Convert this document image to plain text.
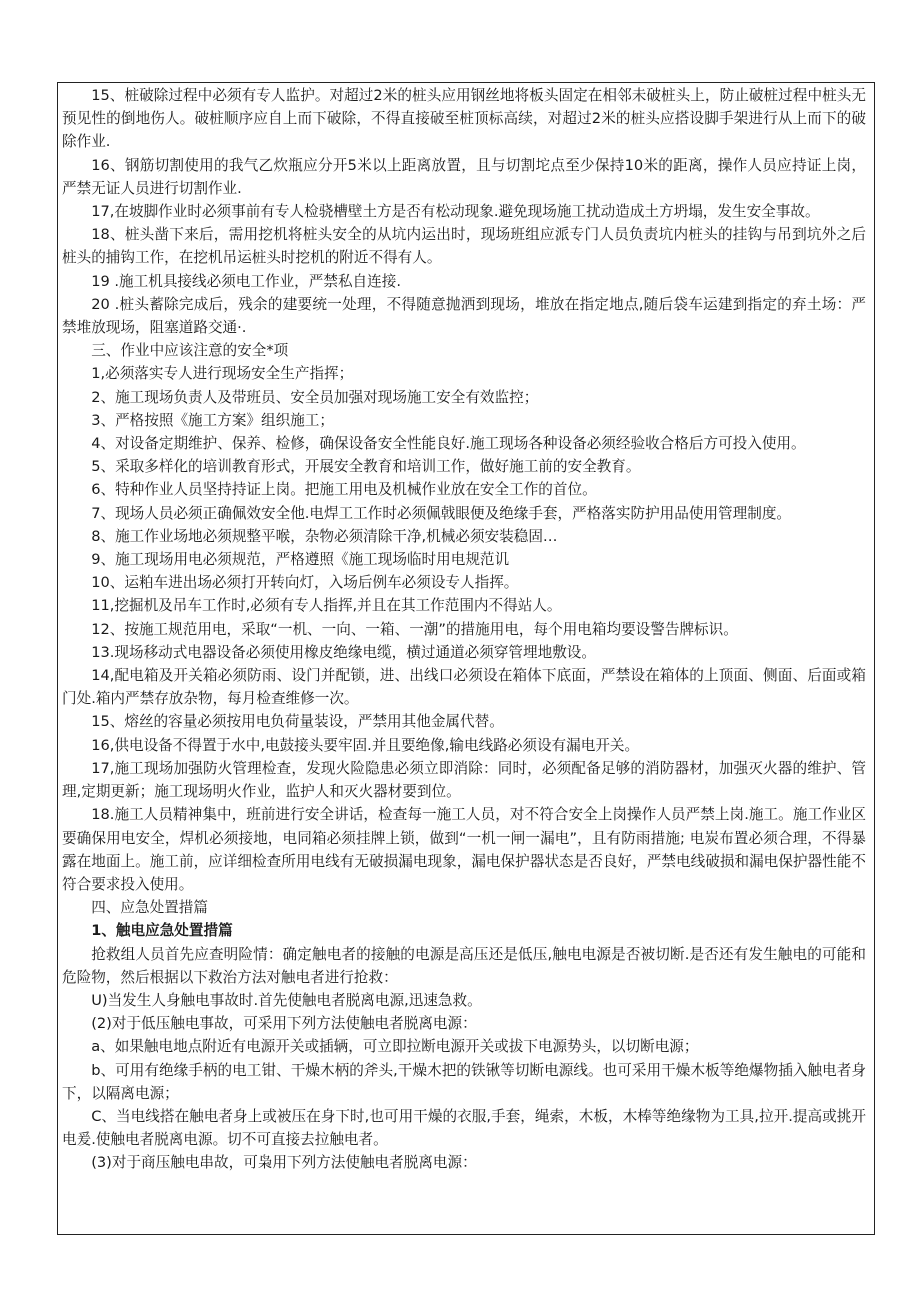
15、桩破除过程中必须有专人监护。对超过2米的桩头应用钢丝地将板头固定在相邻未破桩头上，防止破桩过程中桩头无预见性的倒地伤人。破桩顺序应自上而下破除，不得直接破至桩顶标高续，对超过2米的桩头应搭设脚手架进行从上而下的破除作业.

16、钢筋切割使用的我气乙炊瓶应分开5米以上距离放置，且与切割坨点至少保持10米的距离，操作人员应持证上岗，严禁无证人员进行切割作业.

17,在坡脚作业时必须事前有专人检骁槽壁土方是否有松动现象.避免现场施工扰动造成土方坍塌，发生安全事故。

18、桩头凿下来后，需用挖机将桩头安全的从坑内运出时，现场班组应派专门人员负责坑内桩头的挂钩与吊到坑外之后桩头的捕钩工作，在挖机吊运桩头时挖机的附近不得有人。

19 .施工机具接线必须电工作业，严禁私自连接.

20 .桩头蓄除完成后，残余的建要统一处理，不得随意抛洒到现场，堆放在指定地点,随后袋车运建到指定的弃土场：严禁堆放现场，阻塞道路交通·.

三、作业中应该注意的安全*项

1,必须落实专人进行现场安全生产指挥；

2、施工现场负责人及带班员、安全员加强对现场施工安全有效监控；

3、严格按照《施工方案》组织施工；

4、对设备定期维护、保养、检修，确保设备安全性能良好.施工现场各种设备必须经验收合格后方可投入使用。

5、采取多样化的培训教育形式，开展安全教育和培训工作，做好施工前的安全教育。

6、特种作业人员坚持持证上岗。把施工用电及机械作业放在安全工作的首位。

7、现场人员必须正确佩效安全他.电焊工工作时必须佩戟眼便及绝缘手套，严格落实防护用品使用管理制度。

8、施工作业场地必须规整平喉，杂物必须清除干净,机械必须安装稳固…

9、施工现场用电必须规范，严格遵照《施工现场临时用电规范讥

10、运粕车进出场必须打开转向灯，入场后例车必须设专人指挥。

11,挖掘机及吊车工作时,必须有专人指挥,并且在其工作范围内不得站人。

12、按施工规范用电，采取“一机、一向、一箱、一潮”的措施用电，每个用电箱均要设警告牌标识。

13.现场移动式电器设备必须使用橡皮绝缘电缆，横过通道必须穿管埋地敷设。

14,配电箱及开关箱必须防雨、设门并配锁，进、出线口必须设在箱体下底面，严禁设在箱体的上顶面、侧面、后面或箱门处.箱内严禁存放杂物，每月检查维修一次。

15、熔丝的容量必须按用电负荷量装设，严禁用其他金属代替。

16,供电设备不得置于水中,电鼓接头要牢固.并且要绝像,输电线路必须设有漏电开关。

17,施工现场加强防火管理检查，发现火险隐患必须立即消除：同时，必须配备足够的消防器材，加强灭火器的维护、管理,定期更新；施工现场明火作业，监护人和灭火器材要到位。

18.施工人员精神集中，班前进行安全讲话，检查每一施工人员，对不符合安全上岗操作人员严禁上岗.施工。施工作业区要确保用电安全，焊机必须接地，电同箱必须挂牌上锁，做到“一机一闸一漏电”，且有防雨措施; 电炭布置必须合理，不得暴露在地面上。施工前，应详细检查所用电线有无破损漏电现象，漏电保护器状态是否良好，严禁电线破损和漏电保护器性能不符合要求投入使用。

四、应急处置措篇

1、触电应急处置措篇

抢救组人员首先应查明险情：确定触电者的接触的电源是高压还是低压,触电电源是否被切断.是否还有发生触电的可能和危险物，然后根据以下救治方法对触电者进行抢救：

U)当发生人身触电事故时.首先使触电者脱离电源,迅速急救。

(2)对于低压触电事故，可采用下列方法使触电者脱离电源：

a、如果触电地点附近有电源开关或插辆，可立即拉断电源开关或拔下电源势头，以切断电源；

b、可用有绝缘手柄的电工钳、干燥木柄的斧头,干燥木把的铁锹等切断电源线。也可采用干燥木板等绝爆物插入触电者身下，以隔离电源；

C、当电线搭在触电者身上或被压在身下时,也可用干燥的衣服,手套，绳索，木板，木棒等绝缘物为工具,拉开.提高或挑开电爰.使触电者脱离电源。切不可直接去拉触电者。

(3)对于商压触电串故，可枭用下列方法使触电者脱离电源：
